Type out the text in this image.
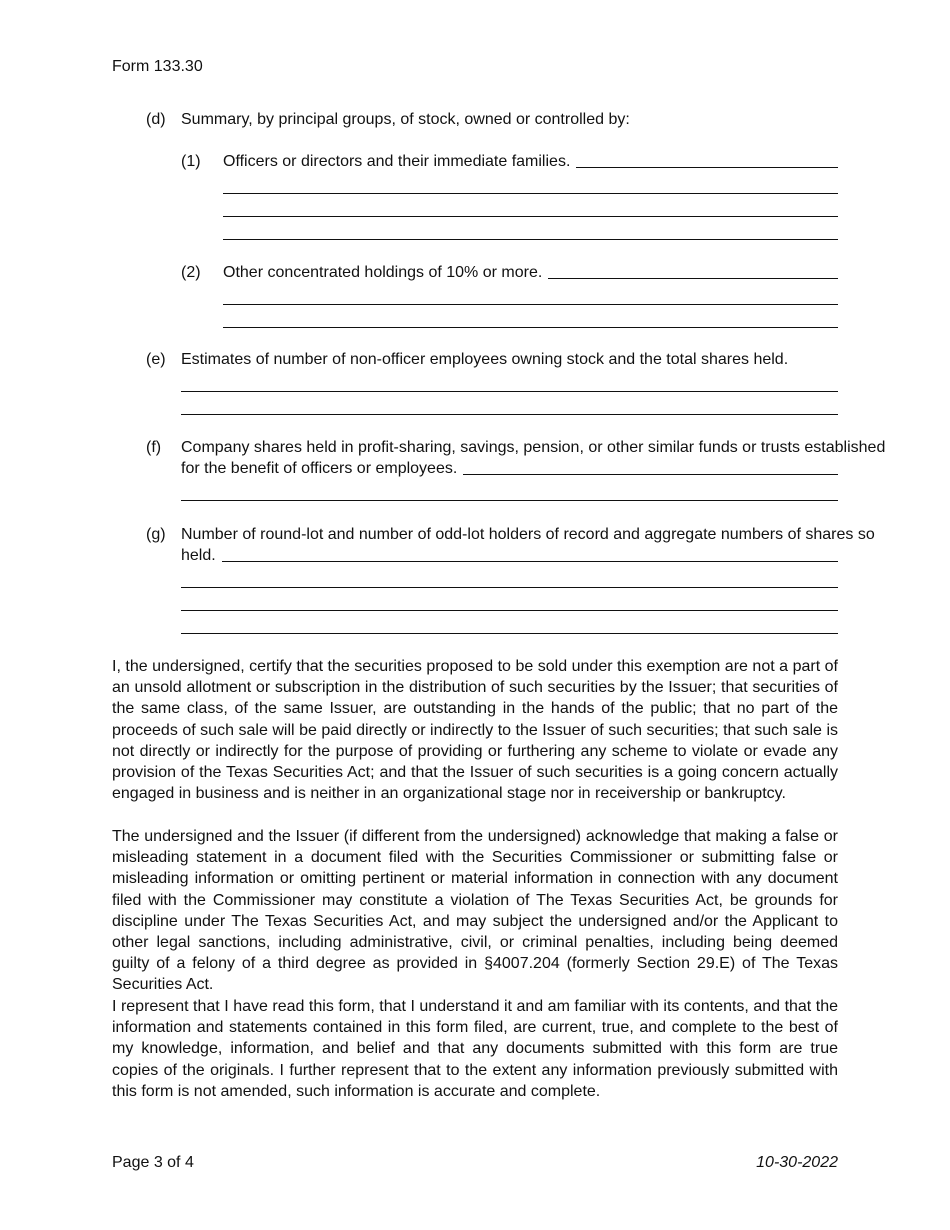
Form 133.30
(d) Summary, by principal groups, of stock, owned or controlled by:
(1) Officers or directors and their immediate families.
(2) Other concentrated holdings of 10% or more.
(e) Estimates of number of non-officer employees owning stock and the total shares held.
(f) Company shares held in profit-sharing, savings, pension, or other similar funds or trusts established
for the benefit of officers or employees.
(g) Number of round-lot and number of odd-lot holders of record and aggregate numbers of shares so
held.
I, the undersigned, certify that the securities proposed to be sold under this exemption are not a part of an unsold allotment or subscription in the distribution of such securities by the Issuer; that securities of the same class, of the same Issuer, are outstanding in the hands of the public; that no part of the proceeds of such sale will be paid directly or indirectly to the Issuer of such securities; that such sale is not directly or indirectly for the purpose of providing or furthering any scheme to violate or evade any provision of the Texas Securities Act; and that the Issuer of such securities is a going concern actually engaged in business and is neither in an organizational stage nor in receivership or bankruptcy.
The undersigned and the Issuer (if different from the undersigned) acknowledge that making a false or misleading statement in a document filed with the Securities Commissioner or submitting false or misleading information or omitting pertinent or material information in connection with any document filed with the Commissioner may constitute a violation of The Texas Securities Act, be grounds for discipline under The Texas Securities Act, and may subject the undersigned and/or the Applicant to other legal sanctions, including administrative, civil, or criminal penalties, including being deemed guilty of a felony of a third degree as provided in §4007.204 (formerly Section 29.E) of The Texas Securities Act.
I represent that I have read this form, that I understand it and am familiar with its contents, and that the information and statements contained in this form filed, are current, true, and complete to the best of my knowledge, information, and belief and that any documents submitted with this form are true copies of the originals. I further represent that to the extent any information previously submitted with this form is not amended, such information is accurate and complete.
Page 3 of 4	10-30-2022
